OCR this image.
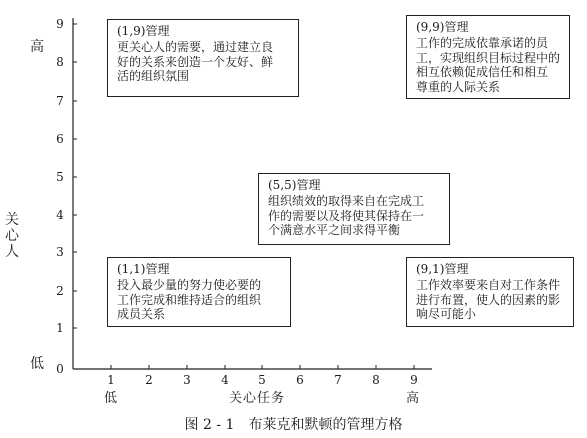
0
1
2
3
4
5
6
7
8
9
1	2	3	4 5	6	7	8	9
高
关心人
低
低	关心任务	高
(1,9)管理
更关心人的需要，通过建立良
好的关系来创造一个友好、鲜
活的组织氛围
(9,9)管理
工作的完成依靠承诺的员
工，实现组织目标过程中的
相互依赖促成信任和相互
尊重的人际关系
(5,5)管理
组织绩效的取得来自在完成工
作的需要以及将使其保持在一
个满意水平之间求得平衡
(1,1)管理
投入最少量的努力使必要的
工作完成和维持适合的组织
成员关系
(9,1)管理
工作效率要来自对工作条件
进行布置，使人的因素的影
响尽可能小
图 2 - 1　布莱克和默顿的管理方格
